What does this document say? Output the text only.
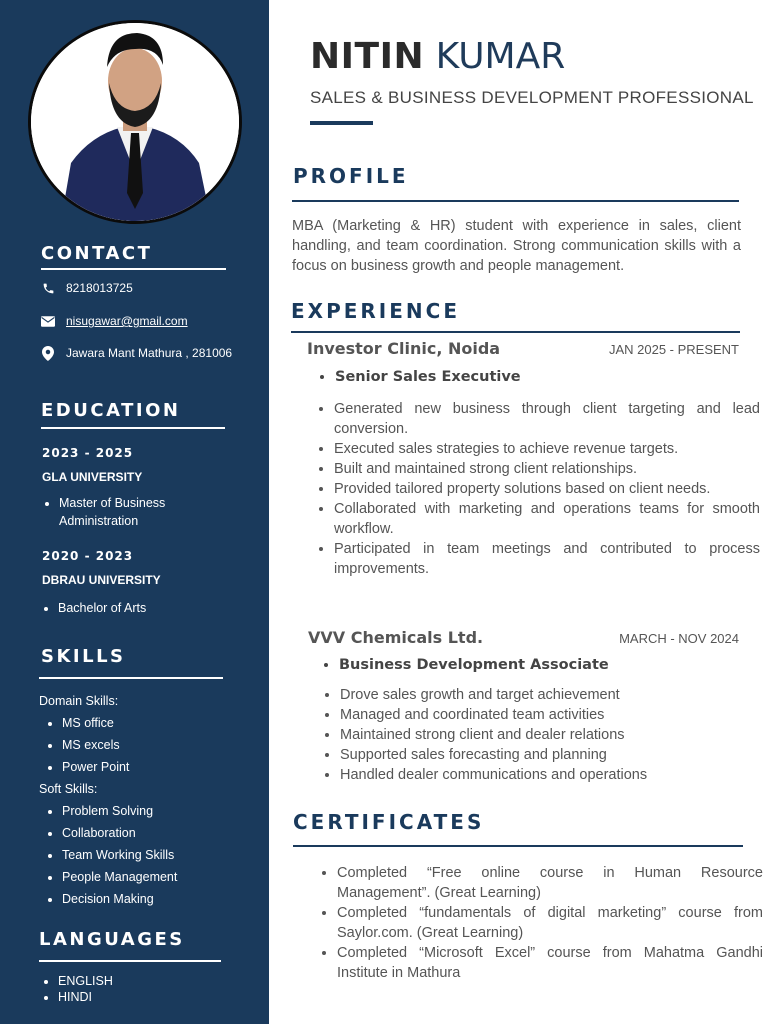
CONTACT
8218013725
nisugawar@gmail.com
Jawara Mant Mathura , 281006
EDUCATION
2023 - 2025
GLA UNIVERSITY
• Master of Business Administration
2020 - 2023
DBRAU UNIVERSITY
• Bachelor of Arts
SKILLS
Domain Skills:
• MS office
• MS excels
• Power Point
Soft Skills:
• Problem Solving
• Collaboration
• Team Working Skills
• People Management
• Decision Making
LANGUAGES
• ENGLISH
• HINDI
NITIN KUMAR
SALES & BUSINESS DEVELOPMENT PROFESSIONAL
PROFILE

MBA (Marketing & HR) student with experience in sales, client handling, and team coordination. Strong communication skills with a focus on business growth and people management.

EXPERIENCE
Investor Clinic, Noida	JAN 2025 - PRESENT
• Senior Sales Executive
• Generated new business through client targeting and lead conversion.
• Executed sales strategies to achieve revenue targets.
• Built and maintained strong client relationships.
• Provided tailored property solutions based on client needs.
• Collaborated with marketing and operations teams for smooth workflow.
• Participated in team meetings and contributed to process improvements.
VVV Chemicals Ltd.	MARCH - NOV 2024
• Business Development Associate
• Drove sales growth and target achievement
• Managed and coordinated team activities
• Maintained strong client and dealer relations
• Supported sales forecasting and planning
• Handled dealer communications and operations
CERTIFICATES
• Completed “Free online course in Human Resource Management”. (Great Learning)
• Completed “fundamentals of digital marketing” course from Saylor.com. (Great Learning)
• Completed “Microsoft Excel” course from Mahatma Gandhi Institute in Mathura
